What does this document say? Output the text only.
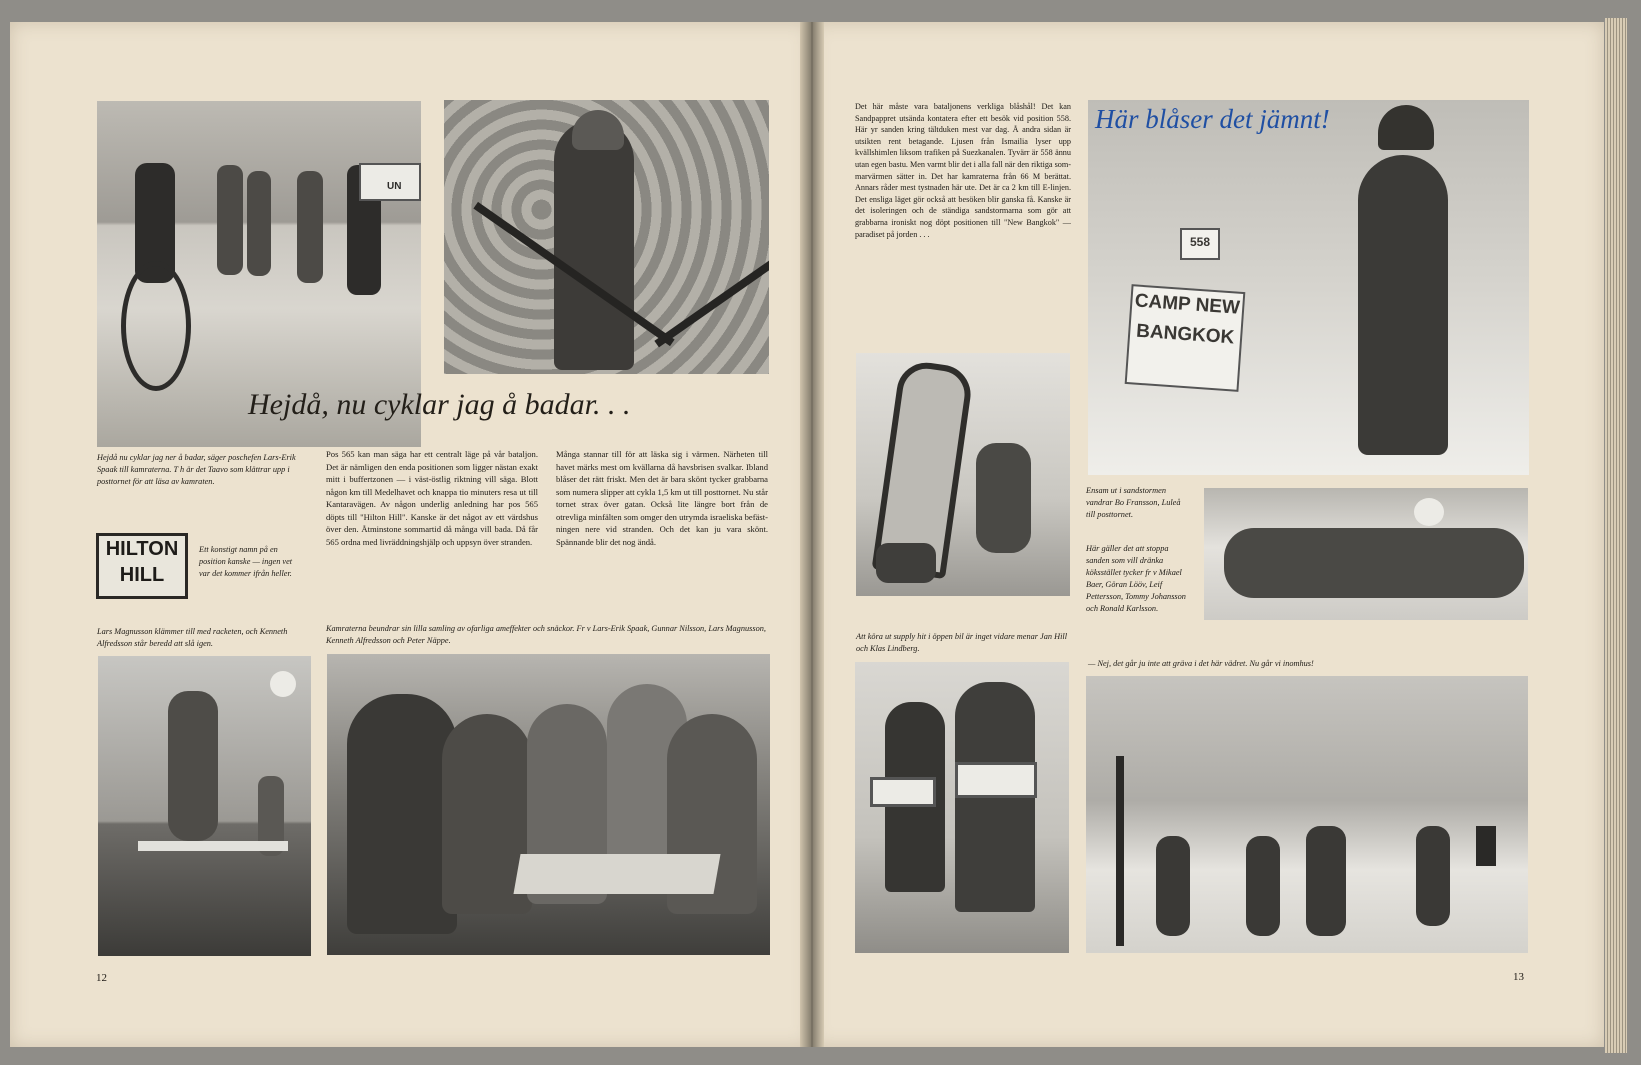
UN
Hejdå, nu cyklar jag å badar. . .
Hejdå nu cyklar jag ner å badar, säger poschefen Lars-Erik Spaak till kamraterna. T h är det Taavo som klättrar upp i posttornet för att läsa av kamraten.
Pos 565 kan man säga har ett centralt läge på vår bataljon. Det är nämligen den enda positionen som ligger nästan exakt mitt i buffertzonen — i väst-östlig riktning vill säga. Blott någon km till Medelhavet och knappa tio minuters resa ut till Kantaravägen. Av någon underlig anledning har pos 565 döpts till "Hilton Hill". Kanske är det något av ett värdshus över den. Åtminstone sommartid då många vill bada. Då får 565 ordna med livräddningshjälp och uppsyn över stranden.
Många stannar till för att läska sig i värmen. Närheten till havet märks mest om kvällarna då havsbrisen svalkar. Ibland blåser det rätt friskt. Men det är bara skönt tycker grabbarna som numera slipper att cykla 1,5 km ut till posttornet. Nu står tornet strax över gatan. Också lite längre bort från de otrevliga minfälten som omger den utrymda israeliska befästningen nere vid stranden. Och det kan ju vara skönt. Spännande blir det nog ändå.
HILTON HILL
Ett konstigt namn på en position kanske — ingen vet var det kommer ifrån heller.
Lars Magnusson klämmer till med racketen, och Kenneth Alfredsson står beredd att slå igen.
Kamraterna beundrar sin lilla samling av ofarliga ameffekter och snäckor. Fr v Lars-Erik Spaak, Gunnar Nilsson, Lars Magnusson, Kenneth Alfredsson och Peter Näppe.
12
Det här måste vara bataljonens verkliga blåshål! Det kan Sandpappret utsända kontatera efter ett besök vid position 558. Här yr sanden kring tältduken mest var dag. Å andra sidan är utsikten rent betagande. Ljusen från Ismailia lyser upp kvällshimlen liksom trafiken på Suezkanalen. Tyvärr är 558 ännu utan egen bastu. Men varmt blir det i alla fall när den riktiga sommarvärmen sätter in. Det har kamraterna från 66 M berättat. Annars råder mest tystnaden här ute. Det är ca 2 km till E-linjen. Det ensliga läget gör också att besöken blir ganska få. Kanske är det isoleringen och de ständiga sandstormarna som gör att grabbarna ironiskt nog döpt positionen till "New Bangkok" — paradiset på jorden . . .
CAMP NEW BANGKOK
558
Här blåser det jämnt!
Ensam ut i sandstormen vandrar Bo Fransson, Luleå till posttornet.
Här gäller det att stoppa sanden som vill dränka köksstället tycker fr v Mikael Baer, Göran Lööv, Leif Pettersson, Tommy Johansson och Ronald Karlsson.
Att köra ut supply hit i öppen bil är inget vidare menar Jan Hill och Klas Lindberg.
— Nej, det går ju inte att gräva i det här vädret. Nu går vi inomhus!
13
